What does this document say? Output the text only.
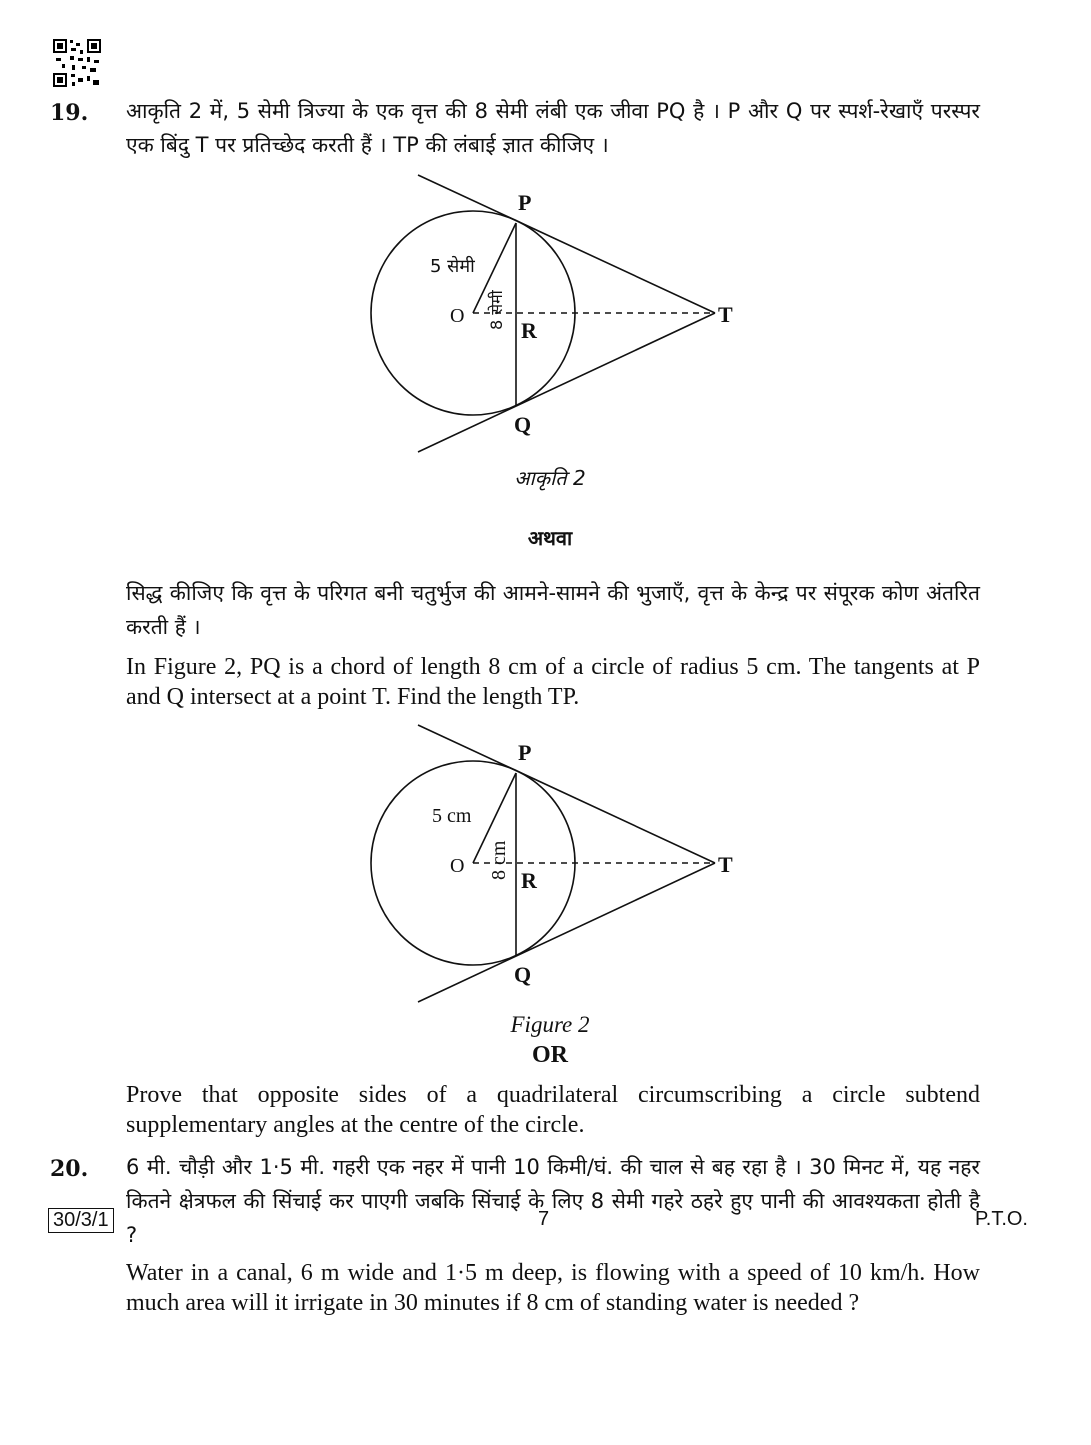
19. आकृति 2 में, 5 सेमी त्रिज्या के एक वृत्त की 8 सेमी लंबी एक जीवा PQ है । P और Q पर स्पर्श-रेखाएँ परस्पर एक बिंदु T पर प्रतिच्छेद करती हैं । TP की लंबाई ज्ञात कीजिए ।
P
Q
O
R
T
5 सेमी
8 सेमी
आकृति 2
अथवा
सिद्ध कीजिए कि वृत्त के परिगत बनी चतुर्भुज की आमने-सामने की भुजाएँ, वृत्त के केन्द्र पर संपूरक कोण अंतरित करती हैं ।
In Figure 2, PQ is a chord of length 8 cm of a circle of radius 5 cm. The tangents at P and Q intersect at a point T. Find the length TP.
P
Q
O
R
T
5 cm
8 cm
Figure 2
OR
Prove that opposite sides of a quadrilateral circumscribing a circle subtend supplementary angles at the centre of the circle.
20. 6 मी. चौड़ी और 1·5 मी. गहरी एक नहर में पानी 10 किमी/घं. की चाल से बह रहा है । 30 मिनट में, यह नहर कितने क्षेत्रफल की सिंचाई कर पाएगी जबकि सिंचाई के लिए 8 सेमी गहरे ठहरे हुए पानी की आवश्यकता होती है ?
Water in a canal, 6 m wide and 1·5 m deep, is flowing with a speed of 10 km/h. How much area will it irrigate in 30 minutes if 8 cm of standing water is needed ?
30/3/1	7	P.T.O.
